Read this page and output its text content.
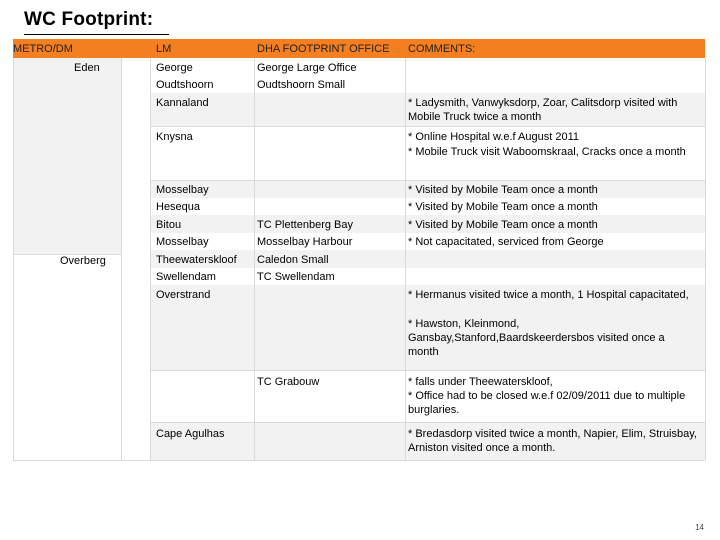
WC Footprint:
METRO/DM	LM	DHA FOOTPRINT OFFICE COMMENTS:
Eden
Overberg
George
Oudtshoorn
Kannaland
Knysna
Mosselbay
Hesequa
Bitou
Mosselbay
Theewaterskloof
Swellendam
Overstrand
Cape Agulhas
George Large Office
Oudtshoorn Small
TC Plettenberg Bay
Mosselbay Harbour
Caledon Small
TC Swellendam
TC Grabouw
* Ladysmith, Vanwyksdorp, Zoar, Calitsdorp visited with Mobile Truck twice a month
* Online Hospital w.e.f August 2011
* Mobile Truck visit Waboomskraal, Cracks once a month
* Visited by Mobile Team once a month
* Visited by Mobile Team once a month
* Visited by Mobile Team once a month
* Not capacitated, serviced from George
* Hermanus visited twice a month, 1 Hospital capacitated,
* Hawston, Kleinmond, Gansbay,Stanford,Baardskeerdersbos visited once a month
* falls under Theewaterskloof,
* Office had to be closed w.e.f 02/09/2011 due to multiple burglaries.
* Bredasdorp visited twice a month, Napier, Elim, Struisbay, Arniston visited once a month.
14
